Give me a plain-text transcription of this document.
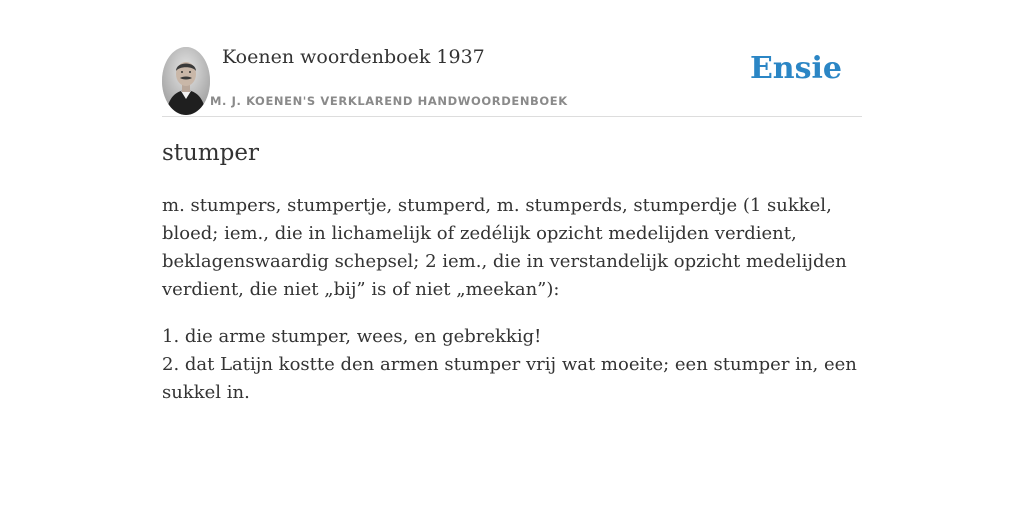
Koenen woordenboek 1937
M. J. KOENEN'S VERKLAREND HANDWOORDENBOEK
Ensie
stumper

m. stumpers, stumpertje, stumperd, m. stumperds, stumperdje (1 sukkel, bloed; iem., die in lichamelijk of zedélijk opzicht medelijden verdient, beklagenswaardig schepsel; 2 iem., die in verstandelijk opzicht medelijden verdient, die niet „bij” is of niet „meekan”):

1. die arme stumper, wees, en gebrekkig!
2. dat Latijn kostte den armen stumper vrij wat moeite; een stumper in, een sukkel in.
